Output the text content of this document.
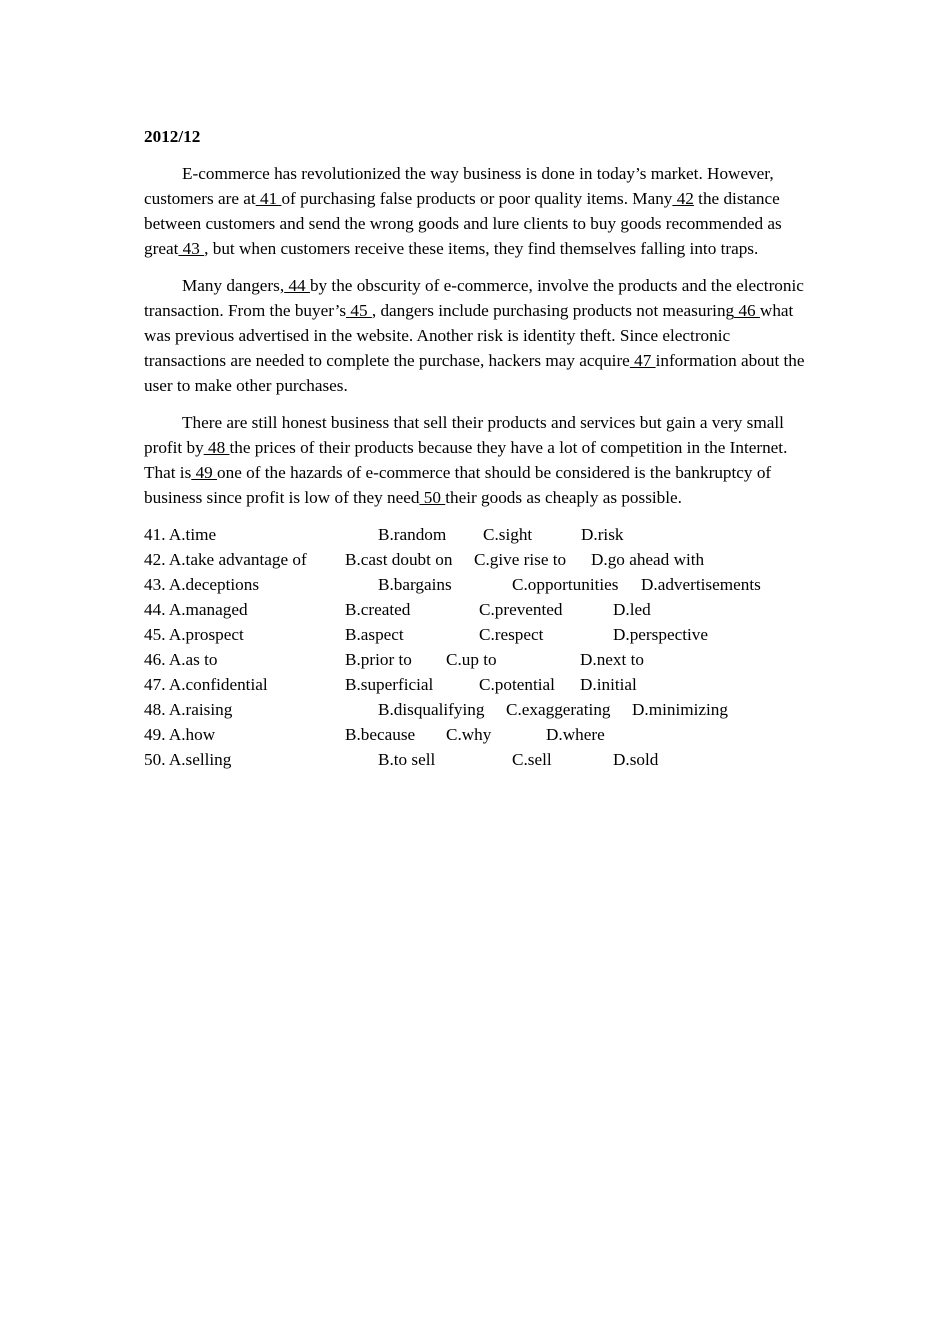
2012/12

E-commerce has revolutionized the way business is done in today’s market. However, customers are at 41 of purchasing false products or poor quality items. Many 42 the distance between customers and send the wrong goods and lure clients to buy goods recommended as great 43 , but when customers receive these items, they find themselves falling into traps.

Many dangers, 44 by the obscurity of e-commerce, involve the products and the electronic transaction. From the buyer’s 45 , dangers include purchasing products not measuring 46 what was previous advertised in the website. Another risk is identity theft. Since electronic transactions are needed to complete the purchase, hackers may acquire 47 information about the user to make other purchases.

There are still honest business that sell their products and services but gain a very small profit by 48 the prices of their products because they have a lot of competition in the Internet. That is 49 one of the hazards of e-commerce that should be considered is the bankruptcy of business since profit is low of they need 50 their goods as cheaply as possible.

41. A.time	B.random C.sight	D.risk
42. A.take advantage of B.cast doubt on C.give rise to D.go ahead with
43. A.deceptions	B.bargains	C.opportunities D.advertisements
44. A.managed	B.created	C.prevented	D.led
45. A.prospect	B.aspect	C.respect	D.perspective
46. A.as to	B.prior to C.up to	D.next to
47. A.confidential	B.superficial	C.potential D.initial
48. A.raising	B.disqualifying C.exaggerating D.minimizing
49. A.how	B.because C.why	D.where
50. A.selling	B.to sell	C.sell	D.sold
